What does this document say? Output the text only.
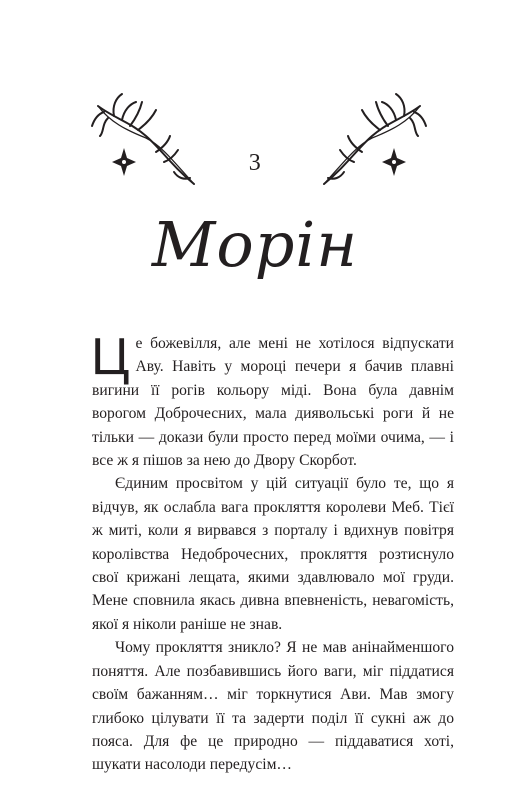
3
Морін

Це божевілля, але мені не хотілося відпускати Аву. Навіть у мороці печери я бачив плавні вигини її рогів кольору міді. Вона була давнім ворогом Доброчесних, мала диявольські роги й не тільки — докази були просто перед моїми очима, — і все ж я пішов за нею до Двору Скорбот.

Єдиним просвітом у цій ситуації було те, що я відчув, як ослабла вага прокляття королеви Меб. Тієї ж миті, коли я вирвався з порталу і вдихнув повітря королівства Недоброчесних, прокляття розтиснуло свої крижані лещата, якими здавлювало мої груди. Мене сповнила якась дивна впевненість, невагомість, якої я ніколи раніше не знав.

Чому прокляття зникло? Я не мав анінайменшого поняття. Але позбавившись його ваги, міг піддатися своїм бажанням… міг торкнутися Ави. Мав змогу глибоко цілувати її та задерти поділ її сукні аж до пояса. Для фе це природно — піддаватися хоті, шукати насолоди передусім…
